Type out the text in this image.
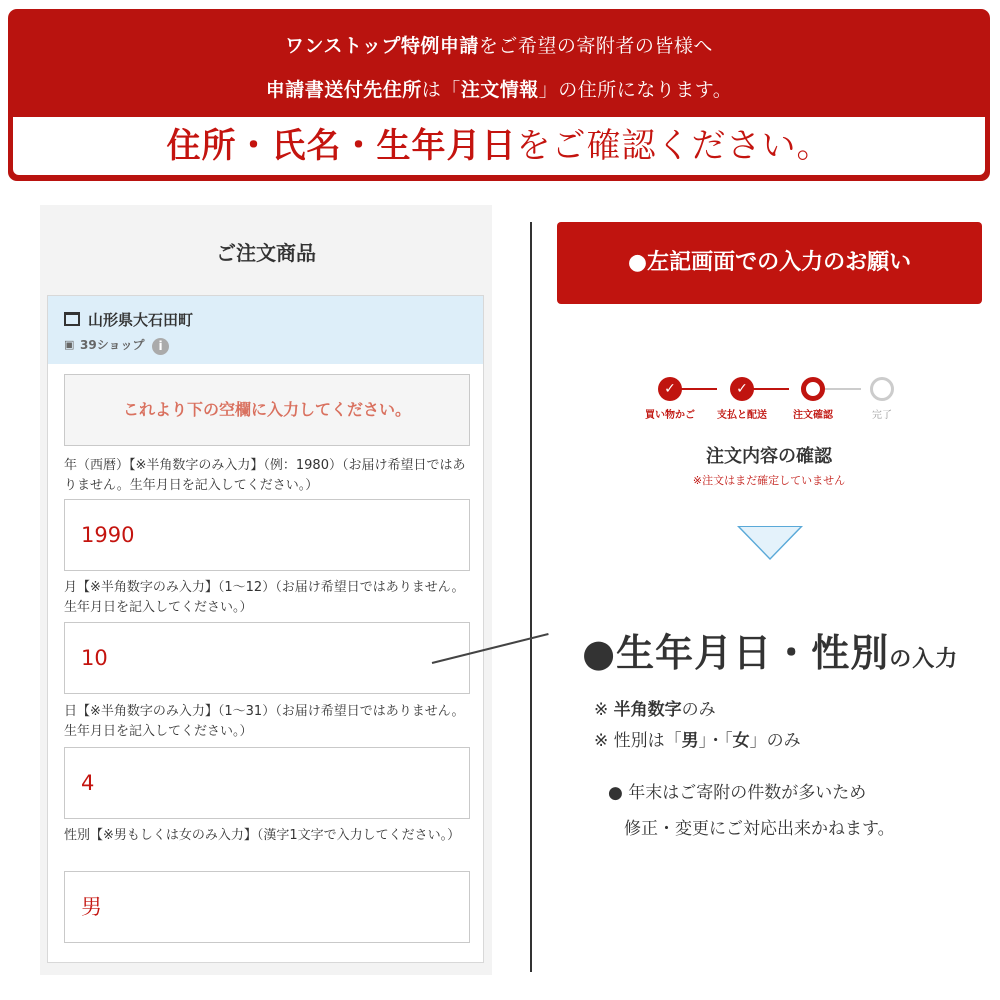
ワンストップ特例申請をご希望の寄附者の皆様へ
申請書送付先住所は「注文情報」の住所になります。
住所・氏名・生年月日をご確認ください。
ご注文商品
山形県大石田町
▣ 39ショップ	i
これより下の空欄に入力してください。
年（西暦）【※半角数字のみ入力】（例：1980）（お届け希望日ではありません。生年月日を記入してください。）
1990
月【※半角数字のみ入力】（1～12）（お届け希望日ではありません。生年月日を記入してください。）
10
日【※半角数字のみ入力】（1～31）（お届け希望日ではありません。生年月日を記入してください。）
4
性別【※男もしくは女のみ入力】（漢字1文字で入力してください。）
男
●左記画面での入力のお願い
✓	✓
買い物かご	支払と配送	注文確認	完了
注文内容の確認
※注文はまだ確定していません
●生年月日・性別の入力
※ 半角数字のみ
※ 性別は「男」・「女」のみ
● 年末はご寄附の件数が多いため
修正・変更にご対応出来かねます。
